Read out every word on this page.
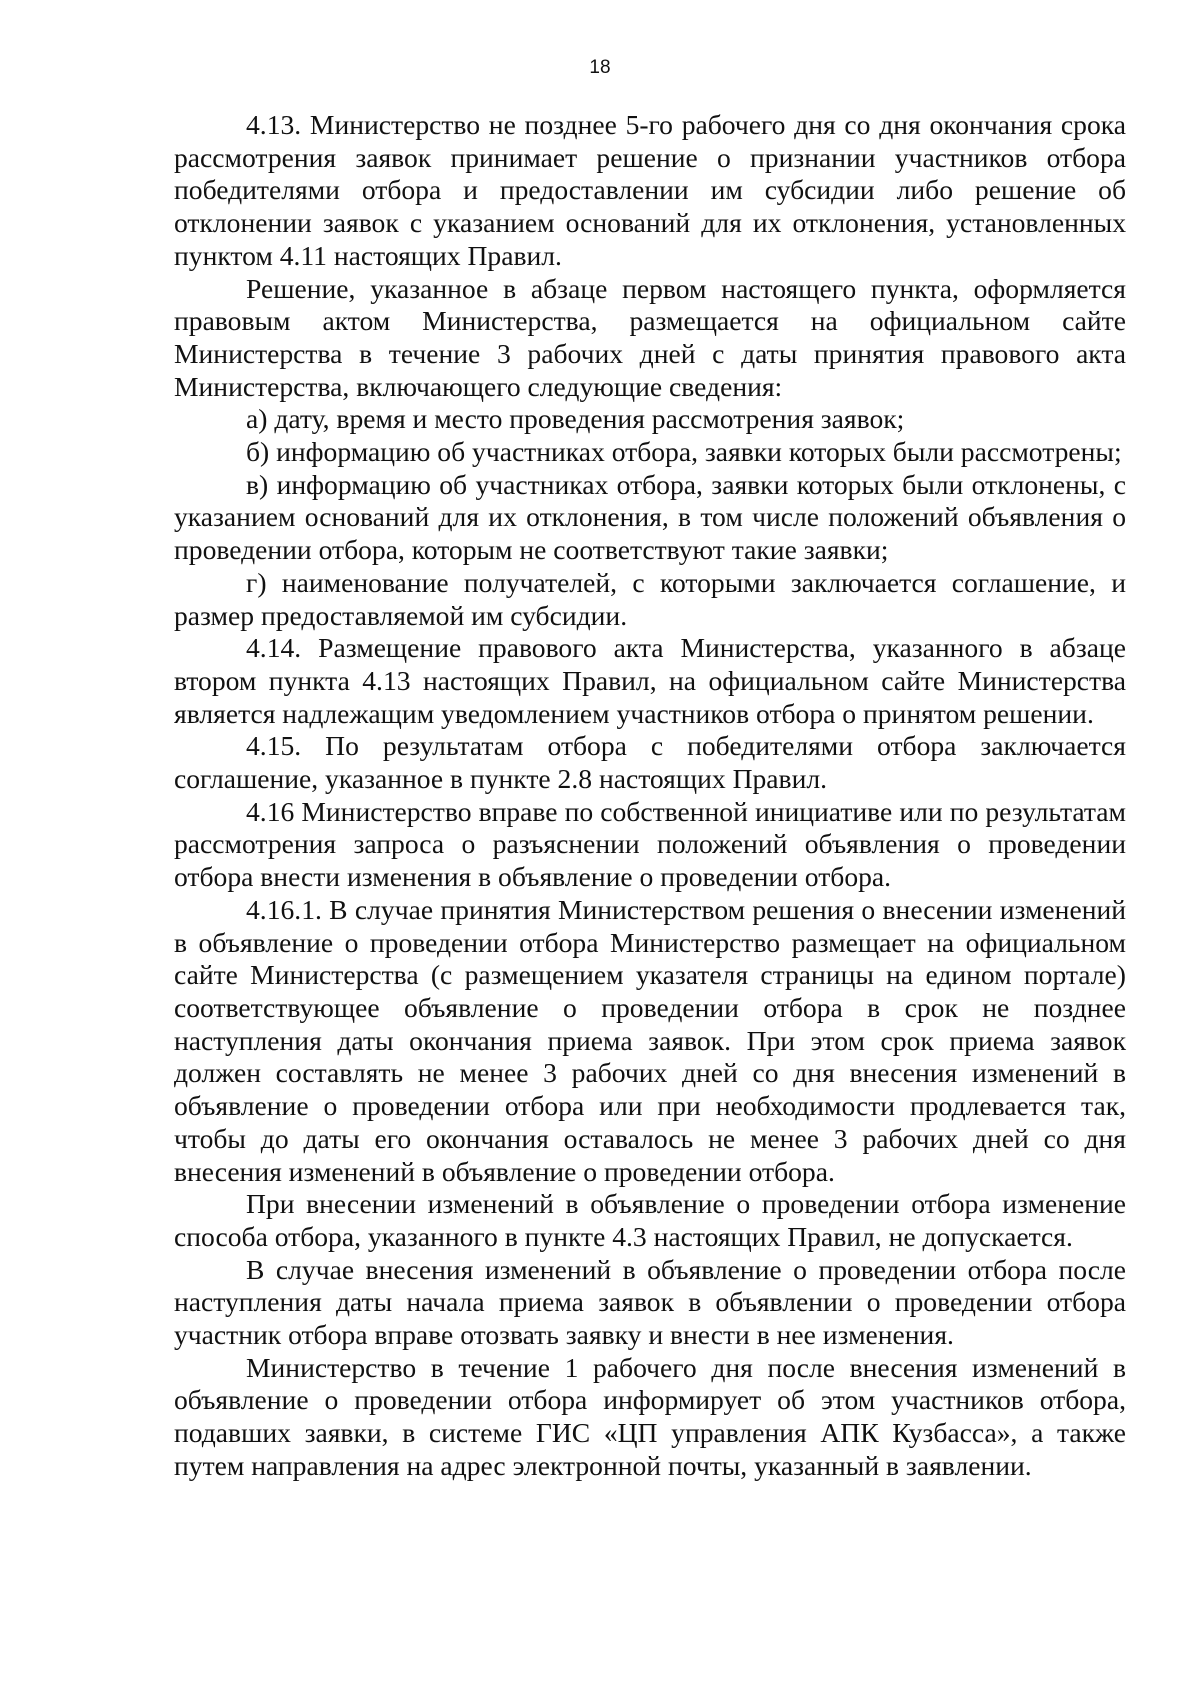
18

4.13. Министерство не позднее 5-го рабочего дня со дня окончания срока рассмотрения заявок принимает решение о признании участников отбора победителями отбора и предоставлении им субсидии либо решение об отклонении заявок с указанием оснований для их отклонения, установленных пунктом 4.11 настоящих Правил.

Решение, указанное в абзаце первом настоящего пункта, оформляется правовым актом Министерства, размещается на официальном сайте Министерства в течение 3 рабочих дней с даты принятия правового акта Министерства, включающего следующие сведения:

а) дату, время и место проведения рассмотрения заявок;

б) информацию об участниках отбора, заявки которых были рассмотрены;

в) информацию об участниках отбора, заявки которых были отклонены, с указанием оснований для их отклонения, в том числе положений объявления о проведении отбора, которым не соответствуют такие заявки;

г) наименование получателей, с которыми заключается соглашение, и размер предоставляемой им субсидии.

4.14. Размещение правового акта Министерства, указанного в абзаце втором пункта 4.13 настоящих Правил, на официальном сайте Министерства является надлежащим уведомлением участников отбора о принятом решении.

4.15. По результатам отбора с победителями отбора заключается соглашение, указанное в пункте 2.8 настоящих Правил.

4.16 Министерство вправе по собственной инициативе или по результатам рассмотрения запроса о разъяснении положений объявления о проведении отбора внести изменения в объявление о проведении отбора.

4.16.1. В случае принятия Министерством решения о внесении изменений в объявление о проведении отбора Министерство размещает на официальном сайте Министерства (с размещением указателя страницы на едином портале) соответствующее объявление о проведении отбора в срок не позднее наступления даты окончания приема заявок. При этом срок приема заявок должен составлять не менее 3 рабочих дней со дня внесения изменений в объявление о проведении отбора или при необходимости продлевается так, чтобы до даты его окончания оставалось не менее 3 рабочих дней со дня внесения изменений в объявление о проведении отбора.

При внесении изменений в объявление о проведении отбора изменение способа отбора, указанного в пункте 4.3 настоящих Правил, не допускается.

В случае внесения изменений в объявление о проведении отбора после наступления даты начала приема заявок в объявлении о проведении отбора участник отбора вправе отозвать заявку и внести в нее изменения.

Министерство в течение 1 рабочего дня после внесения изменений в объявление о проведении отбора информирует об этом участников отбора, подавших заявки, в системе ГИС «ЦП управления АПК Кузбасса», а также путем направления на адрес электронной почты, указанный в заявлении.
